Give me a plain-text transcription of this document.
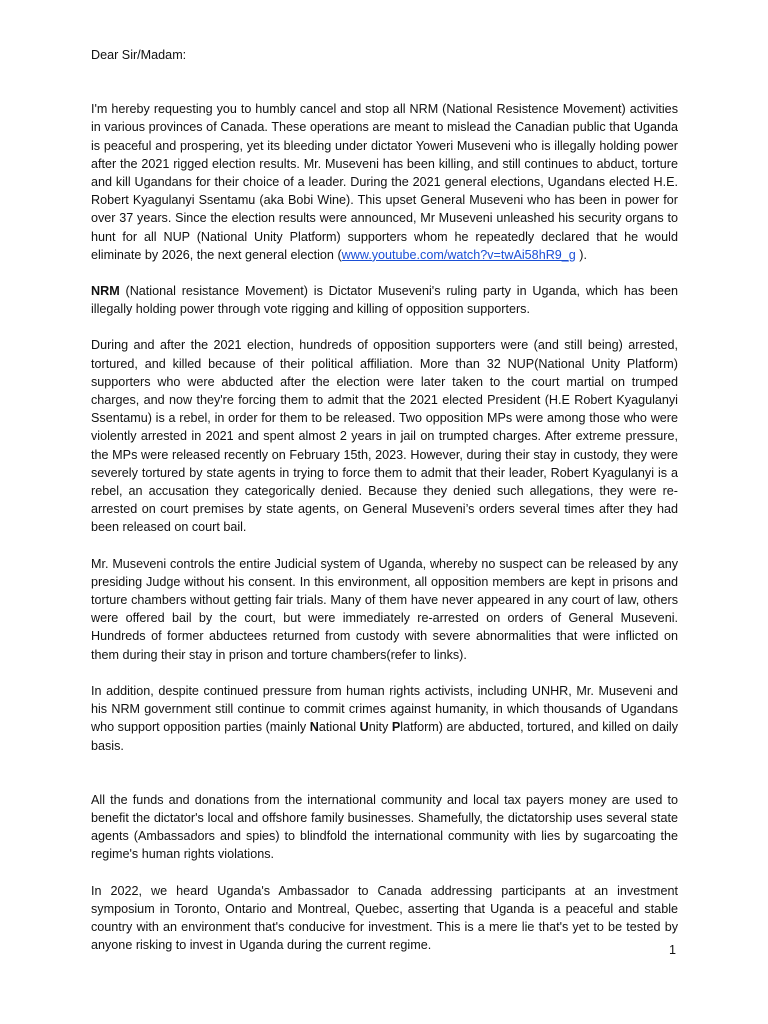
Dear Sir/Madam:

I'm hereby requesting you to humbly cancel and stop all NRM (National Resistence Movement) activities in various provinces of Canada. These operations are meant to mislead the Canadian public that Uganda is peaceful and prospering, yet its bleeding under dictator Yoweri Museveni who is illegally holding power after the 2021 rigged election results. Mr. Museveni has been killing, and still continues to abduct, torture and kill Ugandans for their choice of a leader. During the 2021 general elections, Ugandans elected H.E. Robert Kyagulanyi Ssentamu (aka Bobi Wine). This upset General Museveni who has been in power for over 37 years. Since the election results were announced, Mr Museveni unleashed his security organs to hunt for all NUP (National Unity Platform) supporters whom he repeatedly declared that he would eliminate by 2026, the next general election (www.youtube.com/watch?v=twAi58hR9_g ).

NRM (National resistance Movement) is Dictator Museveni's ruling party in Uganda, which has been illegally holding power through vote rigging and killing of opposition supporters.

During and after the 2021 election, hundreds of opposition supporters were (and still being) arrested, tortured, and killed because of their political affiliation. More than 32 NUP(National Unity Platform) supporters who were abducted after the election were later taken to the court martial on trumped charges, and now they're forcing them to admit that the 2021 elected President (H.E Robert Kyagulanyi Ssentamu) is a rebel, in order for them to be released. Two opposition MPs were among those who were violently arrested in 2021 and spent almost 2 years in jail on trumpted charges. After extreme pressure, the MPs were released recently on February 15th, 2023. However, during their stay in custody, they were severely tortured by state agents in trying to force them to admit that their leader, Robert Kyagulanyi is a rebel, an accusation they categorically denied. Because they denied such allegations, they were re-arrested on court premises by state agents, on General Museveni’s orders several times after they had been released on court bail.

Mr. Museveni controls the entire Judicial system of Uganda, whereby no suspect can be released by any presiding Judge without his consent. In this environment, all opposition members are kept in prisons and torture chambers without getting fair trials. Many of them have never appeared in any court of law, others were offered bail by the court, but were immediately re-arrested on orders of General Museveni. Hundreds of former abductees returned from custody with severe abnormalities that were inflicted on them during their stay in prison and torture chambers(refer to links).

In addition, despite continued pressure from human rights activists, including UNHR, Mr. Museveni and his NRM government still continue to commit crimes against humanity, in which thousands of Ugandans who support opposition parties (mainly National Unity Platform) are abducted, tortured, and killed on daily basis.

All the funds and donations from the international community and local tax payers money are used to benefit the dictator's local and offshore family businesses. Shamefully, the dictatorship uses several state agents (Ambassadors and spies) to blindfold the international community with lies by sugarcoating the regime's human rights violations.

In 2022, we heard Uganda's Ambassador to Canada addressing participants at an investment symposium in Toronto, Ontario and Montreal, Quebec, asserting that Uganda is a peaceful and stable country with an environment that's conducive for investment. This is a mere lie that's yet to be tested by anyone risking to invest in Uganda during the current regime.	1
